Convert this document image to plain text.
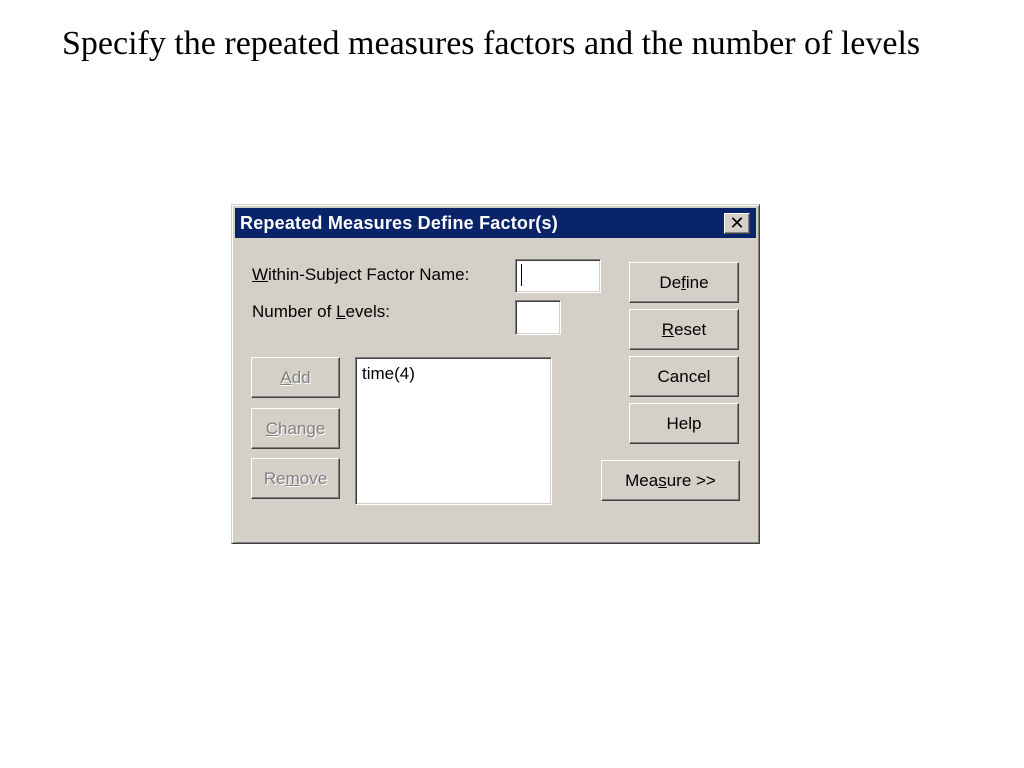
Specify the repeated measures factors and the number of levels
Repeated Measures Define Factor(s)	✕
Within-Subject Factor Name:
Number of Levels:
De f ine
R eset
Cancel
Help
Mea s ure >>
A dd
C hange
Re m ove
time(4)
